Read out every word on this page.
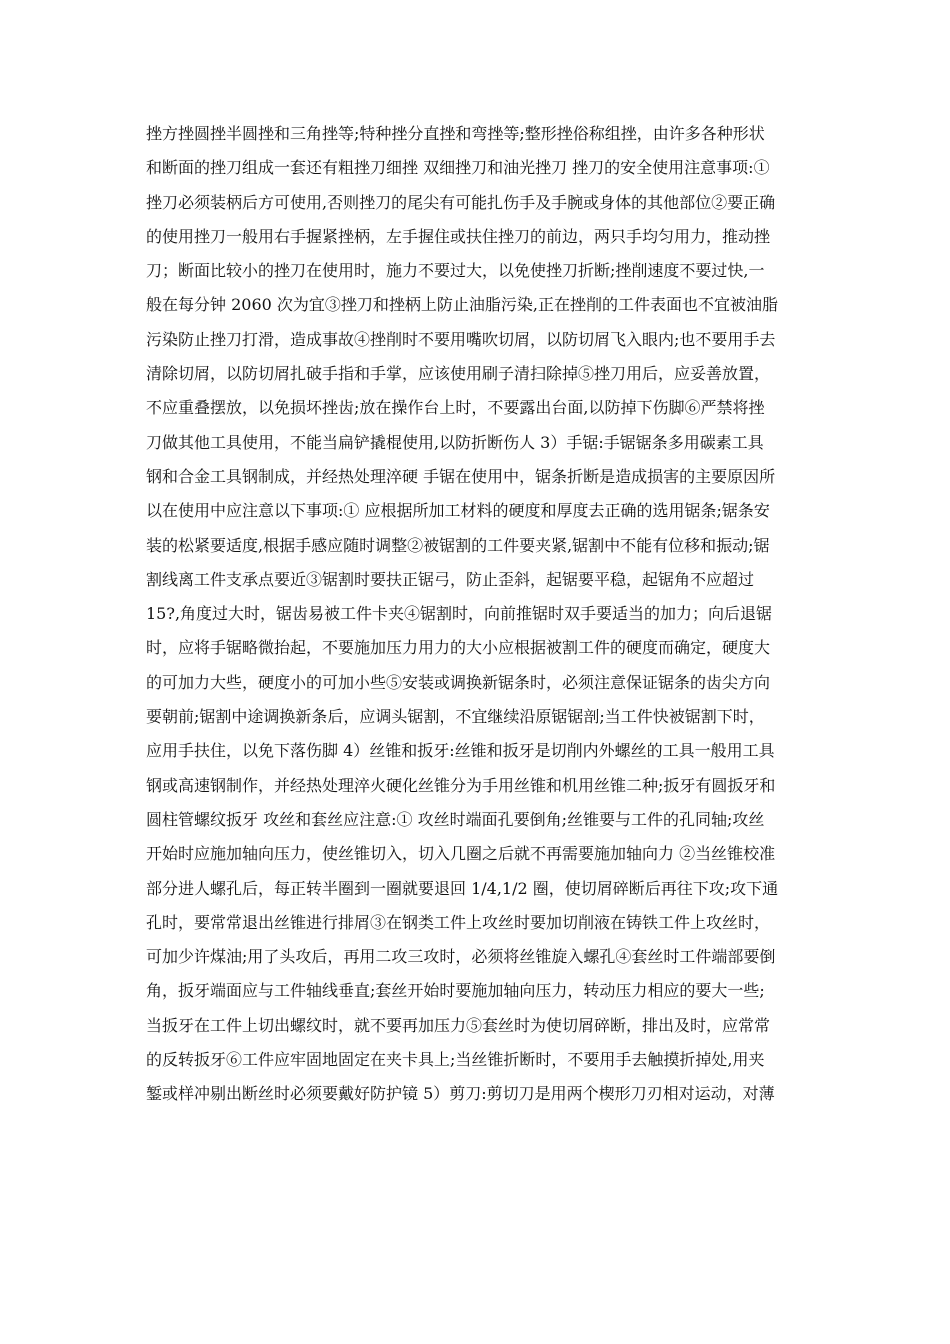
挫方挫圆挫半圆挫和三角挫等;特种挫分直挫和弯挫等;整形挫俗称组挫，由许多各种形状
和断面的挫刀组成一套还有粗挫刀细挫 双细挫刀和油光挫刀 挫刀的安全使用注意事项:①
挫刀必须装柄后方可使用,否则挫刀的尾尖有可能扎伤手及手腕或身体的其他部位②要正确
的使用挫刀一般用右手握紧挫柄，左手握住或扶住挫刀的前边，两只手均匀用力，推动挫
刀；断面比较小的挫刀在使用时，施力不要过大，以免使挫刀折断;挫削速度不要过快,一
般在每分钟 2060 次为宜③挫刀和挫柄上防止油脂污染,正在挫削的工件表面也不宜被油脂
污染防止挫刀打滑，造成事故④挫削时不要用嘴吹切屑，以防切屑飞入眼内;也不要用手去
清除切屑，以防切屑扎破手指和手掌，应该使用刷子清扫除掉⑤挫刀用后，应妥善放置，
不应重叠摆放，以免损坏挫齿;放在操作台上时，不要露出台面,以防掉下伤脚⑥严禁将挫
刀做其他工具使用，不能当扁铲撬棍使用,以防折断伤人 3）手锯:手锯锯条多用碳素工具
钢和合金工具钢制成，并经热处理淬硬 手锯在使用中，锯条折断是造成损害的主要原因所
以在使用中应注意以下事项:① 应根据所加工材料的硬度和厚度去正确的选用锯条;锯条安
装的松紧要适度,根据手感应随时调整②被锯割的工件要夹紧,锯割中不能有位移和振动;锯
割线离工件支承点要近③锯割时要扶正锯弓，防止歪斜，起锯要平稳，起锯角不应超过
15?,角度过大时，锯齿易被工件卡夹④锯割时，向前推锯时双手要适当的加力；向后退锯
时，应将手锯略微抬起，不要施加压力用力的大小应根据被割工件的硬度而确定，硬度大
的可加力大些，硬度小的可加小些⑤安装或调换新锯条时，必须注意保证锯条的齿尖方向
要朝前;锯割中途调换新条后，应调头锯割，不宜继续沿原锯锯剖;当工件快被锯割下时，
应用手扶住，以免下落伤脚 4）丝锥和扳牙:丝锥和扳牙是切削内外螺丝的工具一般用工具
钢或高速钢制作，并经热处理淬火硬化丝锥分为手用丝锥和机用丝锥二种;扳牙有圆扳牙和
圆柱管螺纹扳牙 攻丝和套丝应注意:① 攻丝时端面孔要倒角;丝锥要与工件的孔同轴;攻丝
开始时应施加轴向压力，使丝锥切入，切入几圈之后就不再需要施加轴向力 ②当丝锥校准
部分进人螺孔后，每正转半圈到一圈就要退回 1/4,1/2 圈，使切屑碎断后再往下攻;攻下通
孔时，要常常退出丝锥进行排屑③在钢类工件上攻丝时要加切削液在铸铁工件上攻丝时，
可加少许煤油;用了头攻后，再用二攻三攻时，必须将丝锥旋入螺孔④套丝时工件端部要倒
角，扳牙端面应与工件轴线垂直;套丝开始时要施加轴向压力，转动压力相应的要大一些;
当扳牙在工件上切出螺纹时，就不要再加压力⑤套丝时为使切屑碎断，排出及时，应常常
的反转扳牙⑥工件应牢固地固定在夹卡具上;当丝锥折断时，不要用手去触摸折掉处,用夹
錾或样冲剔出断丝时必须要戴好防护镜 5）剪刀:剪切刀是用两个楔形刀刃相对运动，对薄
